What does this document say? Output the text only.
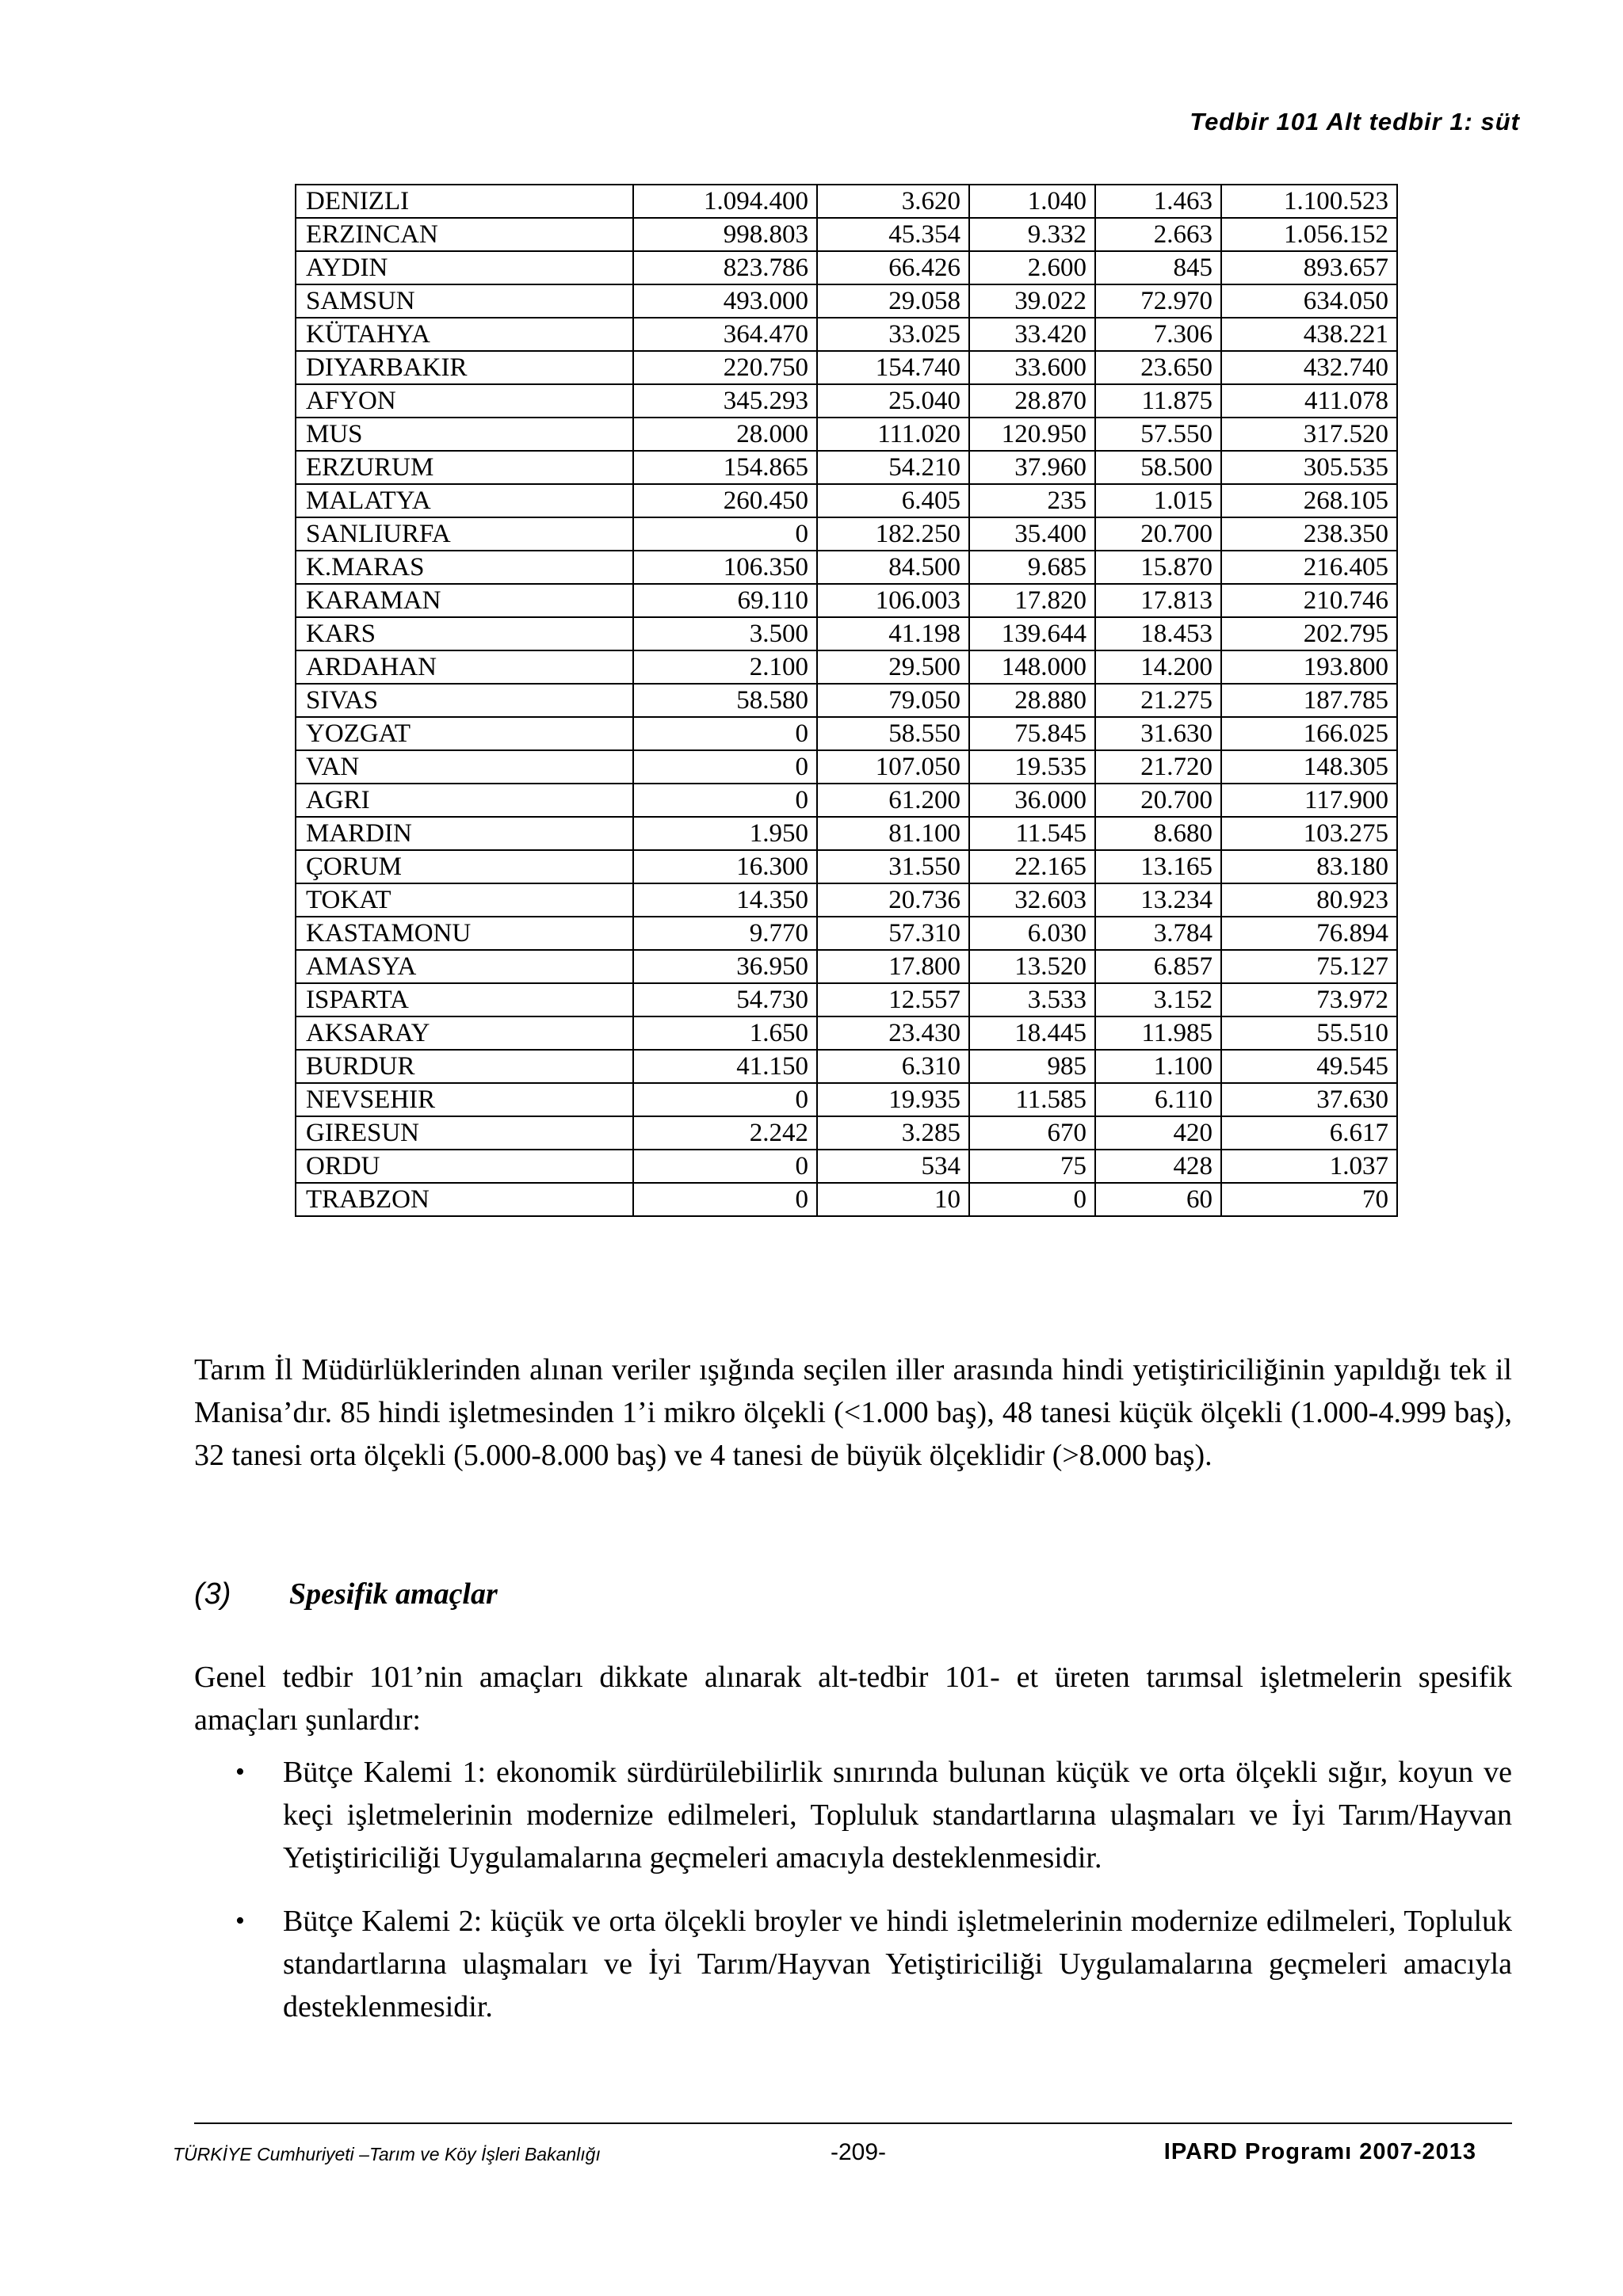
Tedbir 101 Alt tedbir 1: süt
DENIZLI	1.094.400	3.620	1.040	1.463	1.100.523
ERZINCAN	998.803	45.354	9.332	2.663	1.056.152
AYDIN	823.786	66.426	2.600	845	893.657
SAMSUN	493.000	29.058	39.022	72.970	634.050
KÜTAHYA	364.470	33.025	33.420	7.306	438.221
DIYARBAKIR	220.750	154.740	33.600	23.650	432.740
AFYON	345.293	25.040	28.870	11.875	411.078
MUS	28.000	111.020	120.950	57.550	317.520
ERZURUM	154.865	54.210	37.960	58.500	305.535
MALATYA	260.450	6.405	235	1.015	268.105
SANLIURFA	0	182.250	35.400	20.700	238.350
K.MARAS	106.350	84.500	9.685	15.870	216.405
KARAMAN	69.110	106.003	17.820	17.813	210.746
KARS	3.500	41.198	139.644	18.453	202.795
ARDAHAN	2.100	29.500	148.000	14.200	193.800
SIVAS	58.580	79.050	28.880	21.275	187.785
YOZGAT	0	58.550	75.845	31.630	166.025
VAN	0	107.050	19.535	21.720	148.305
AGRI	0	61.200	36.000	20.700	117.900
MARDIN	1.950	81.100	11.545	8.680	103.275
ÇORUM	16.300	31.550	22.165	13.165	83.180
TOKAT	14.350	20.736	32.603	13.234	80.923
KASTAMONU	9.770	57.310	6.030	3.784	76.894
AMASYA	36.950	17.800	13.520	6.857	75.127
ISPARTA	54.730	12.557	3.533	3.152	73.972
AKSARAY	1.650	23.430	18.445	11.985	55.510
BURDUR	41.150	6.310	985	1.100	49.545
NEVSEHIR	0	19.935	11.585	6.110	37.630
GIRESUN	2.242	3.285	670	420	6.617
ORDU	0	534	75	428	1.037
TRABZON	0	10	0	60	70

Tarım İl Müdürlüklerinden alınan veriler ışığında seçilen iller arasında hindi yetiştiriciliğinin yapıldığı tek il Manisa’dır. 85 hindi işletmesinden 1’i mikro ölçekli (<1.000 baş), 48 tanesi küçük ölçekli (1.000-4.999 baş), 32 tanesi orta ölçekli (5.000-8.000 baş) ve 4 tanesi de büyük ölçeklidir (>8.000 baş).

(3) Spesifik amaçlar

Genel tedbir 101’nin amaçları dikkate alınarak alt-tedbir 101- et üreten tarımsal işletmelerin spesifik amaçları şunlardır:

• Bütçe Kalemi 1: ekonomik sürdürülebilirlik sınırında bulunan küçük ve orta ölçekli sığır, koyun ve keçi işletmelerinin modernize edilmeleri, Topluluk standartlarına ulaşmaları ve İyi Tarım/Hayvan Yetiştiriciliği Uygulamalarına geçmeleri amacıyla desteklenmesidir.
• Bütçe Kalemi 2: küçük ve orta ölçekli broyler ve hindi işletmelerinin modernize edilmeleri, Topluluk standartlarına ulaşmaları ve İyi Tarım/Hayvan Yetiştiriciliği Uygulamalarına geçmeleri amacıyla desteklenmesidir.
TÜRKİYE Cumhuriyeti –Tarım ve Köy İşleri Bakanlığı	-209-	IPARD Programı 2007-2013
